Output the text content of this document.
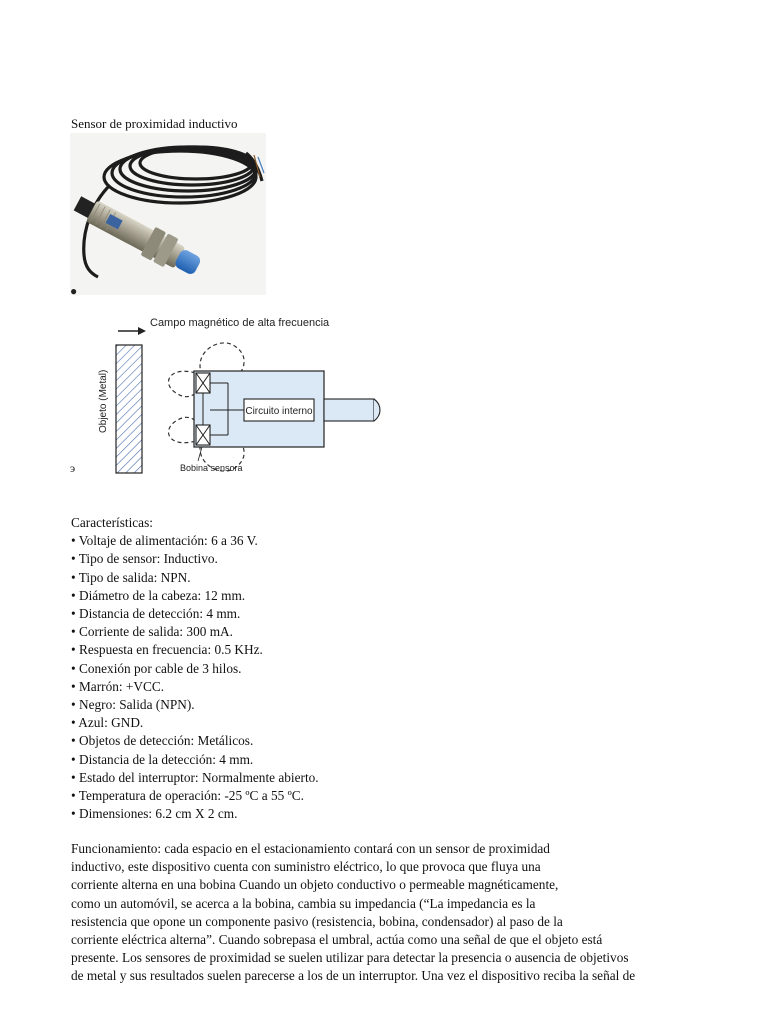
Sensor de proximidad inductivo
●
Campo magnético de alta frecuencia
Objeto (Metal)	Circuito interno
Bobina sensora
э
Características:
• Voltaje de alimentación: 6 a 36 V.
• Tipo de sensor: Inductivo.
• Tipo de salida: NPN.
• Diámetro de la cabeza: 12 mm.
• Distancia de detección: 4 mm.
• Corriente de salida: 300 mA.
• Respuesta en frecuencia: 0.5 KHz.
• Conexión por cable de 3 hilos.
• Marrón: +VCC.
• Negro: Salida (NPN).
• Azul: GND.
• Objetos de detección: Metálicos.
• Distancia de la detección: 4 mm.
• Estado del interruptor: Normalmente abierto.
• Temperatura de operación: -25 ºC a 55 ºC.
• Dimensiones: 6.2 cm X 2 cm.
Funcionamiento: cada espacio en el estacionamiento contará con un sensor de proximidad
inductivo, este dispositivo cuenta con suministro eléctrico, lo que provoca que fluya una
corriente alterna en una bobina Cuando un objeto conductivo o permeable magnéticamente,
como un automóvil, se acerca a la bobina, cambia su impedancia (“La impedancia es la
resistencia que opone un componente pasivo (resistencia, bobina, condensador) al paso de la
corriente eléctrica alterna”. Cuando sobrepasa el umbral, actúa como una señal de que el objeto está
presente. Los sensores de proximidad se suelen utilizar para detectar la presencia o ausencia de objetivos
de metal y sus resultados suelen parecerse a los de un interruptor. Una vez el dispositivo reciba la señal de
